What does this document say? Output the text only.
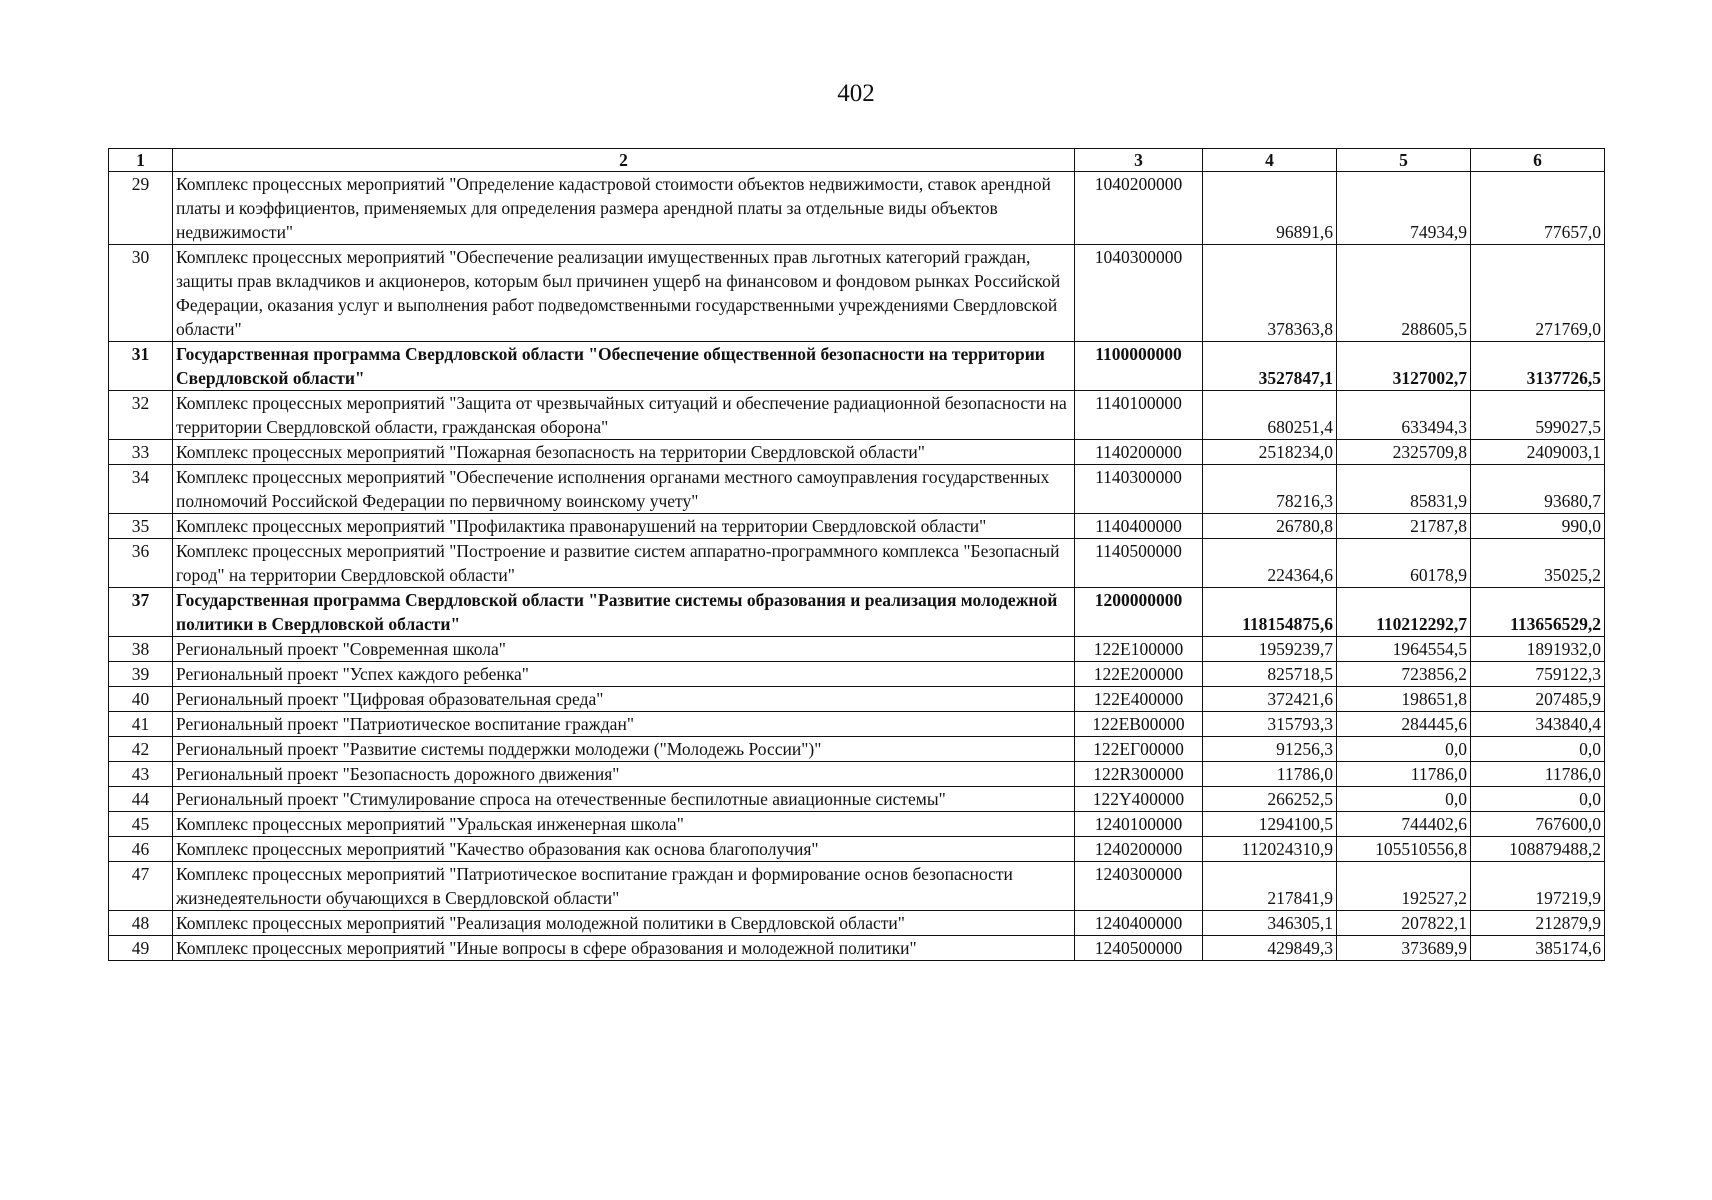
402
1	2	3	4	5	6
29	Комплекс процессных мероприятий "Определение кадастровой стоимости объектов недвижимости, ставок арендной платы и коэффициентов, применяемых для определения размера арендной платы за отдельные виды объектов недвижимости"	1040200000	96891,6	74934,9	77657,0
30	Комплекс процессных мероприятий "Обеспечение реализации имущественных прав льготных категорий граждан, защиты прав вкладчиков и акционеров, которым был причинен ущерб на финансовом и фондовом рынках Российской Федерации, оказания услуг и выполнения работ подведомственными государственными учреждениями Свердловской области"	1040300000	378363,8	288605,5	271769,0
31	Государственная программа Свердловской области "Обеспечение общественной безопасности на территории Свердловской области"	1100000000	3527847,1	3127002,7	3137726,5
32	Комплекс процессных мероприятий "Защита от чрезвычайных ситуаций и обеспечение радиационной безопасности на территории Свердловской области, гражданская оборона"	1140100000	680251,4	633494,3	599027,5
33	Комплекс процессных мероприятий "Пожарная безопасность на территории Свердловской области"	1140200000	2518234,0	2325709,8	2409003,1
34	Комплекс процессных мероприятий "Обеспечение исполнения органами местного самоуправления государственных полномочий Российской Федерации по первичному воинскому учету"	1140300000	78216,3	85831,9	93680,7
35	Комплекс процессных мероприятий "Профилактика правонарушений на территории Свердловской области"	1140400000	26780,8	21787,8	990,0
36	Комплекс процессных мероприятий "Построение и развитие систем аппаратно-программного комплекса "Безопасный город" на территории Свердловской области"	1140500000	224364,6	60178,9	35025,2
37	Государственная программа Свердловской области "Развитие системы образования и реализация молодежной политики в Свердловской области"	1200000000	118154875,6	110212292,7	113656529,2
38	Региональный проект "Современная школа"	122E100000	1959239,7	1964554,5	1891932,0
39	Региональный проект "Успех каждого ребенка"	122E200000	825718,5	723856,2	759122,3
40	Региональный проект "Цифровая образовательная среда"	122E400000	372421,6	198651,8	207485,9
41	Региональный проект "Патриотическое воспитание граждан"	122EB00000	315793,3	284445,6	343840,4
42	Региональный проект "Развитие системы поддержки молодежи ("Молодежь России")"	122ЕГ00000	91256,3	0,0	0,0
43	Региональный проект "Безопасность дорожного движения"	122R300000	11786,0	11786,0	11786,0
44	Региональный проект "Стимулирование спроса на отечественные беспилотные авиационные системы"	122Y400000	266252,5	0,0	0,0
45	Комплекс процессных мероприятий "Уральская инженерная школа"	1240100000	1294100,5	744402,6	767600,0
46	Комплекс процессных мероприятий "Качество образования как основа благополучия"	1240200000	112024310,9	105510556,8	108879488,2
47	Комплекс процессных мероприятий "Патриотическое воспитание граждан и формирование основ безопасности жизнедеятельности обучающихся в Свердловской области"	1240300000	217841,9	192527,2	197219,9
48	Комплекс процессных мероприятий "Реализация молодежной политики в Свердловской области"	1240400000	346305,1	207822,1	212879,9
49	Комплекс процессных мероприятий "Иные вопросы в сфере образования и молодежной политики"	1240500000	429849,3	373689,9	385174,6
